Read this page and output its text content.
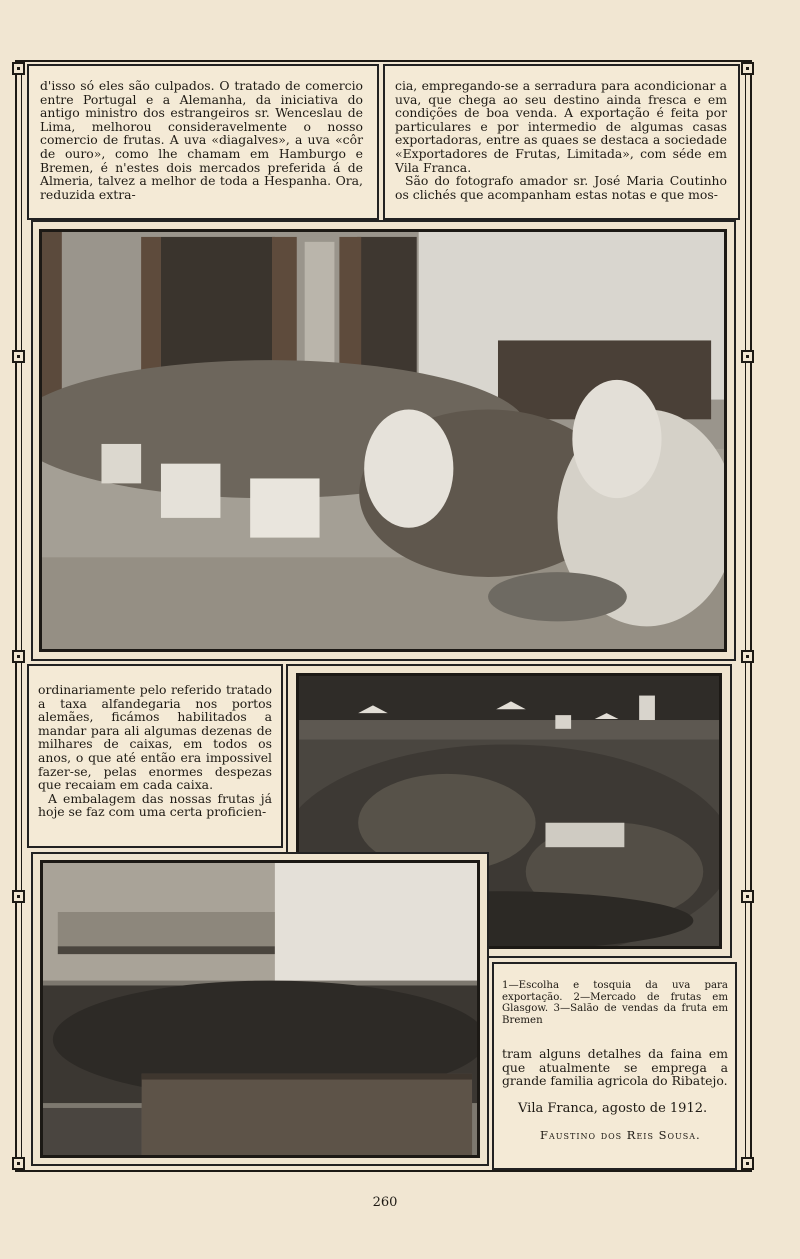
d'isso só eles são culpados. O tratado de comercio entre Portugal e a Alemanha, da iniciativa do antigo ministro dos estrangeiros sr. Wenceslau de Lima, melhorou consideravelmente o nosso comercio de frutas. A uva «diagalves», a uva «côr de ouro», como lhe chamam em Hamburgo e Bremen, é n'estes dois mercados preferida á de Almeria, talvez a melhor de toda a Hespanha. Ora, reduzida extra-

cia, empregando-se a serradura para acondicionar a uva, que chega ao seu destino ainda fresca e em condições de boa venda. A exportação é feita por particulares e por intermedio de algumas casas exportadoras, entre as quaes se destaca a sociedade «Exportadores de Frutas, Limitada», com séde em Vila Franca.

São do fotografo amador sr. José Maria Coutinho os clichés que acompanham estas notas e que mos-

ordinariamente pelo referido tratado a taxa alfandegaria nos portos alemães, ficámos habilitados a mandar para ali algumas dezenas de milhares de caixas, em todos os anos, o que até então era impossivel fazer-se, pelas enormes despezas que recaiam em cada caixa.

A embalagem das nossas frutas já hoje se faz com uma certa proficien-

1—Escolha e tosquia da uva para exportação. 2—Mercado de frutas em Glasgow. 3—Salão de vendas da fruta em Bremen

tram alguns detalhes da faina em que atualmente se emprega a grande familia agricola do Ribatejo.

Vila Franca, agosto de 1912.
Faustino dos Reis Sousa.
260
